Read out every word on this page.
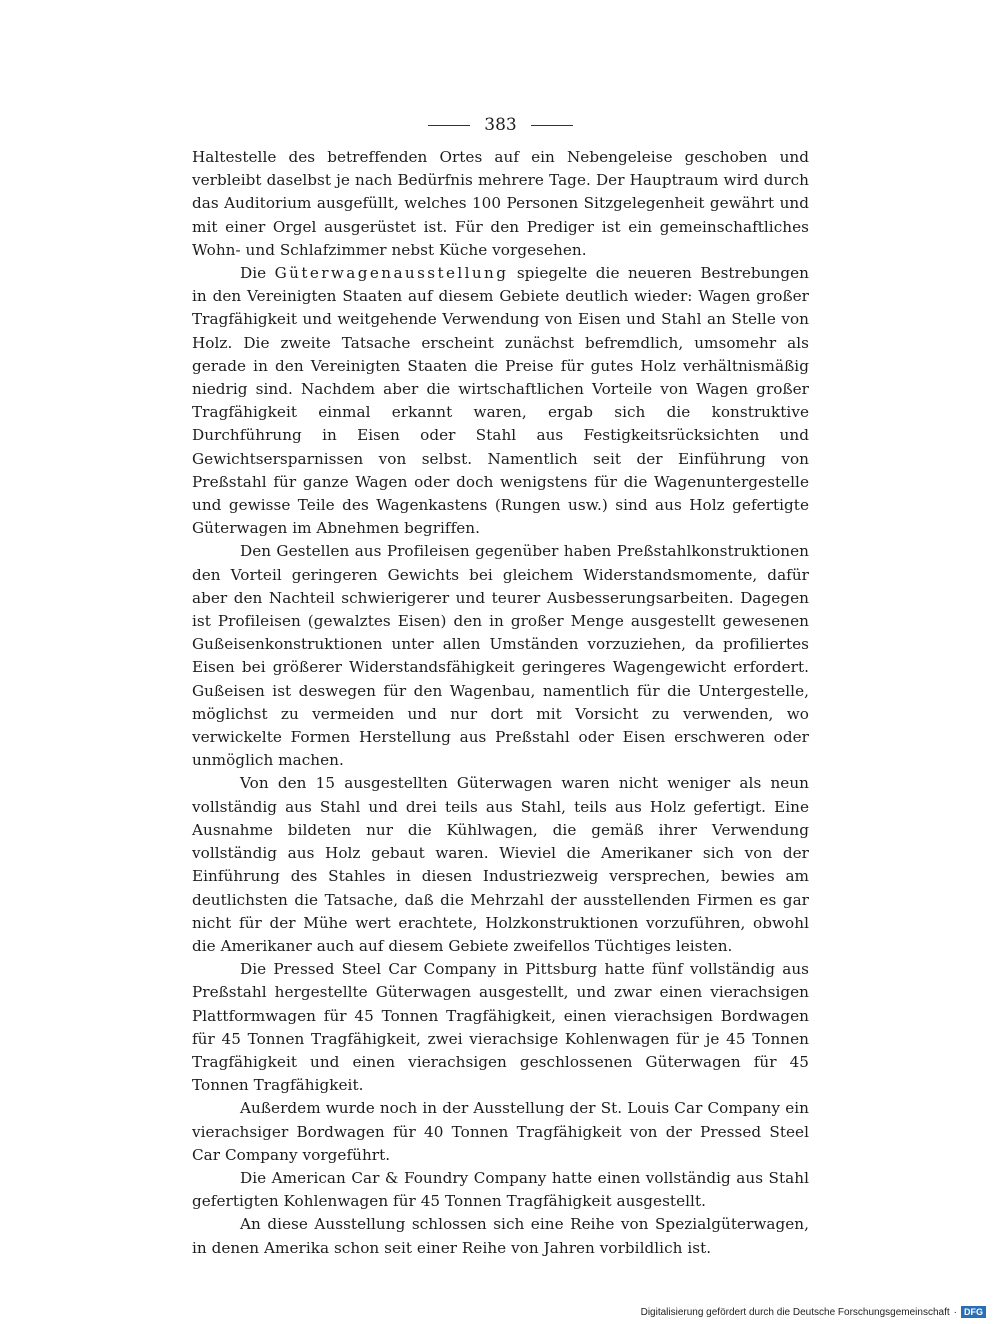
383

Haltestelle des betreffenden Ortes auf ein Nebengeleise geschoben und verbleibt daselbst je nach Bedürfnis mehrere Tage. Der Hauptraum wird durch das Auditorium ausgefüllt, welches 100 Personen Sitzgelegenheit gewährt und mit einer Orgel ausgerüstet ist. Für den Prediger ist ein gemeinschaftliches Wohn- und Schlafzimmer nebst Küche vorgesehen.

Die Güterwagenausstellung spiegelte die neueren Bestrebungen in den Vereinigten Staaten auf diesem Gebiete deutlich wieder: Wagen großer Tragfähigkeit und weitgehende Verwendung von Eisen und Stahl an Stelle von Holz. Die zweite Tatsache erscheint zunächst befremdlich, umsomehr als gerade in den Vereinigten Staaten die Preise für gutes Holz verhältnismäßig niedrig sind. Nachdem aber die wirtschaftlichen Vorteile von Wagen großer Tragfähigkeit einmal erkannt waren, ergab sich die konstruktive Durchführung in Eisen oder Stahl aus Festigkeitsrücksichten und Gewichtsersparnissen von selbst. Namentlich seit der Einführung von Preßstahl für ganze Wagen oder doch wenigstens für die Wagenuntergestelle und gewisse Teile des Wagenkastens (Rungen usw.) sind aus Holz gefertigte Güterwagen im Abnehmen begriffen.

Den Gestellen aus Profileisen gegenüber haben Preßstahlkonstruktionen den Vorteil geringeren Gewichts bei gleichem Widerstandsmomente, dafür aber den Nachteil schwierigerer und teurer Ausbesserungsarbeiten. Dagegen ist Profileisen (gewalztes Eisen) den in großer Menge ausgestellt gewesenen Gußeisenkonstruktionen unter allen Umständen vorzuziehen, da profiliertes Eisen bei größerer Widerstandsfähigkeit geringeres Wagengewicht erfordert. Gußeisen ist deswegen für den Wagenbau, namentlich für die Untergestelle, möglichst zu vermeiden und nur dort mit Vorsicht zu verwenden, wo verwickelte Formen Herstellung aus Preßstahl oder Eisen erschweren oder unmöglich machen.

Von den 15 ausgestellten Güterwagen waren nicht weniger als neun vollständig aus Stahl und drei teils aus Stahl, teils aus Holz gefertigt. Eine Ausnahme bildeten nur die Kühlwagen, die gemäß ihrer Verwendung vollständig aus Holz gebaut waren. Wieviel die Amerikaner sich von der Einführung des Stahles in diesen Industriezweig versprechen, bewies am deutlichsten die Tatsache, daß die Mehrzahl der ausstellenden Firmen es gar nicht für der Mühe wert erachtete, Holzkonstruktionen vorzuführen, obwohl die Amerikaner auch auf diesem Gebiete zweifellos Tüchtiges leisten.

Die Pressed Steel Car Company in Pittsburg hatte fünf vollständig aus Preßstahl hergestellte Güterwagen ausgestellt, und zwar einen vierachsigen Plattformwagen für 45 Tonnen Tragfähigkeit, einen vierachsigen Bordwagen für 45 Tonnen Tragfähigkeit, zwei vierachsige Kohlenwagen für je 45 Tonnen Tragfähigkeit und einen vierachsigen geschlossenen Güterwagen für 45 Tonnen Tragfähigkeit.

Außerdem wurde noch in der Ausstellung der St. Louis Car Company ein vierachsiger Bordwagen für 40 Tonnen Tragfähigkeit von der Pressed Steel Car Company vorgeführt.

Die American Car & Foundry Company hatte einen vollständig aus Stahl gefertigten Kohlenwagen für 45 Tonnen Tragfähigkeit ausgestellt.

An diese Ausstellung schlossen sich eine Reihe von Spezialgüterwagen, in denen Amerika schon seit einer Reihe von Jahren vorbildlich ist.

Digitalisierung gefördert durch die Deutsche Forschungsgemeinschaft · DFG
